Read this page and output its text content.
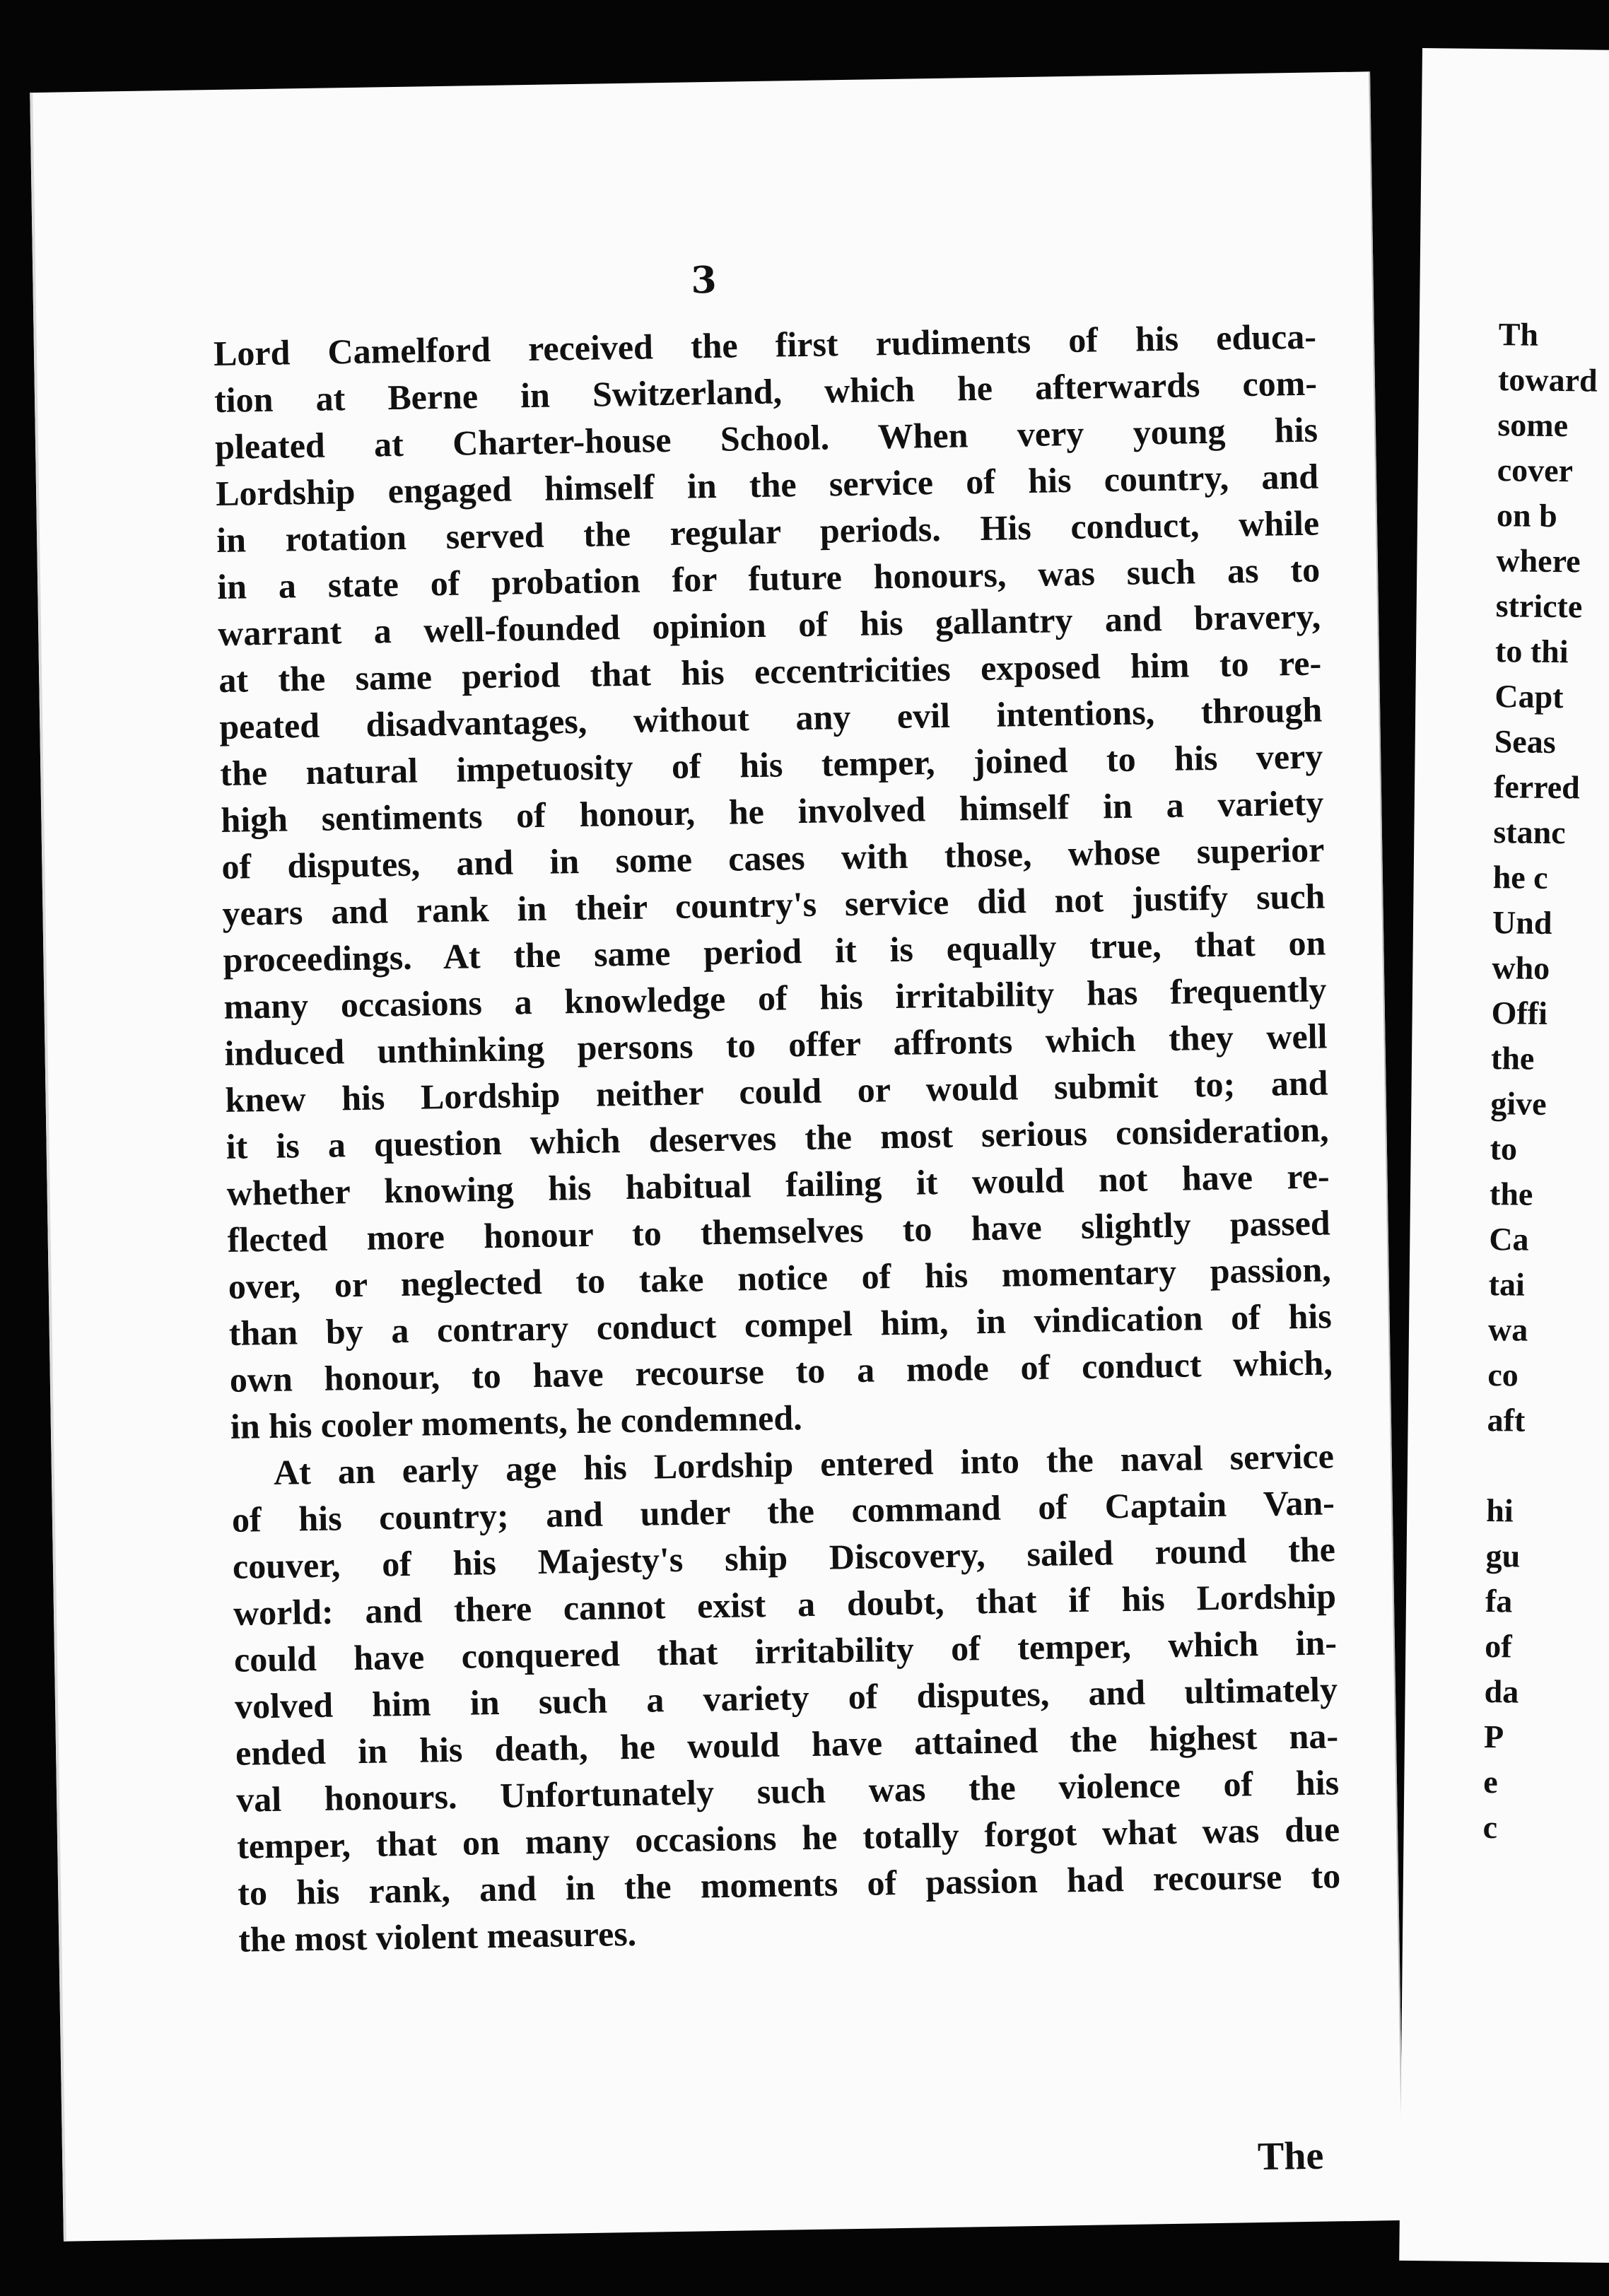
3
Lord Camelford received the first rudiments of his educa-
tion at Berne in Switzerland, which he afterwards com-
pleated at Charter-house School. When very young his
Lordship engaged himself in the service of his country, and
in rotation served the regular periods. His conduct, while
in a state of probation for future honours, was such as to
warrant a well-founded opinion of his gallantry and bravery,
at the same period that his eccentricities exposed him to re-
peated disadvantages, without any evil intentions, through
the natural impetuosity of his temper, joined to his very
high sentiments of honour, he involved himself in a variety
of disputes, and in some cases with those, whose superior
years and rank in their country's service did not justify such
proceedings. At the same period it is equally true, that on
many occasions a knowledge of his irritability has frequently
induced unthinking persons to offer affronts which they well
knew his Lordship neither could or would submit to; and
it is a question which deserves the most serious consideration,
whether knowing his habitual failing it would not have re-
flected more honour to themselves to have slightly passed
over, or neglected to take notice of his momentary passion,
than by a contrary conduct compel him, in vindication of his
own honour, to have recourse to a mode of conduct which,
in his cooler moments, he condemned.
At an early age his Lordship entered into the naval service
of his country; and under the command of Captain Van-
couver, of his Majesty's ship Discovery, sailed round the
world: and there cannot exist a doubt, that if his Lordship
could have conquered that irritability of temper, which in-
volved him in such a variety of disputes, and ultimately
ended in his death, he would have attained the highest na-
val honours. Unfortunately such was the violence of his
temper, that on many occasions he totally forgot what was due
to his rank, and in the moments of passion had recourse to
the most violent measures.
The
Th
toward
some
cover
on b
where
stricte
to thi
Capt
Seas
ferred
stanc
he c
Und
who
Offi
the
give
to
the
Ca
tai
wa
co
aft

hi
gu
fa
of
da
P
e
c
